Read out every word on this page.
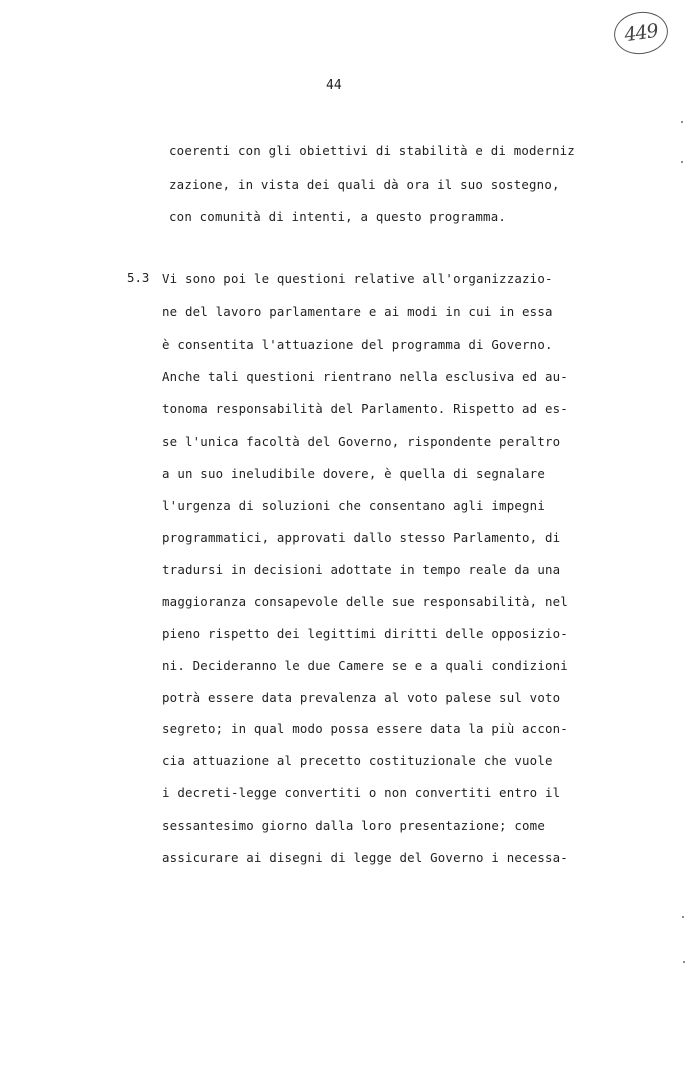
449
44
coerenti con gli obiettivi di stabilità e di moderniz
zazione, in vista dei quali dà ora il suo sostegno,
con comunità di intenti, a questo programma.
5.3 Vi sono poi le questioni relative all'organizzazio-
ne del lavoro parlamentare e ai modi in cui in essa
è consentita l'attuazione del programma di Governo.
Anche tali questioni rientrano nella esclusiva ed au-
tonoma responsabilità del Parlamento. Rispetto ad es-
se l'unica facoltà del Governo, rispondente peraltro
a un suo ineludibile dovere, è quella di segnalare
l'urgenza di soluzioni che consentano agli impegni
programmatici, approvati dallo stesso Parlamento, di
tradursi in decisioni adottate in tempo reale da una
maggioranza consapevole delle sue responsabilità, nel
pieno rispetto dei legittimi diritti delle opposizio-
ni. Decideranno le due Camere se e a quali condizioni
potrà essere data prevalenza al voto palese sul voto
segreto; in qual modo possa essere data la più accon-
cia attuazione al precetto costituzionale che vuole
i decreti-legge convertiti o non convertiti entro il
sessantesimo giorno dalla loro presentazione; come
assicurare ai disegni di legge del Governo i necessa-
